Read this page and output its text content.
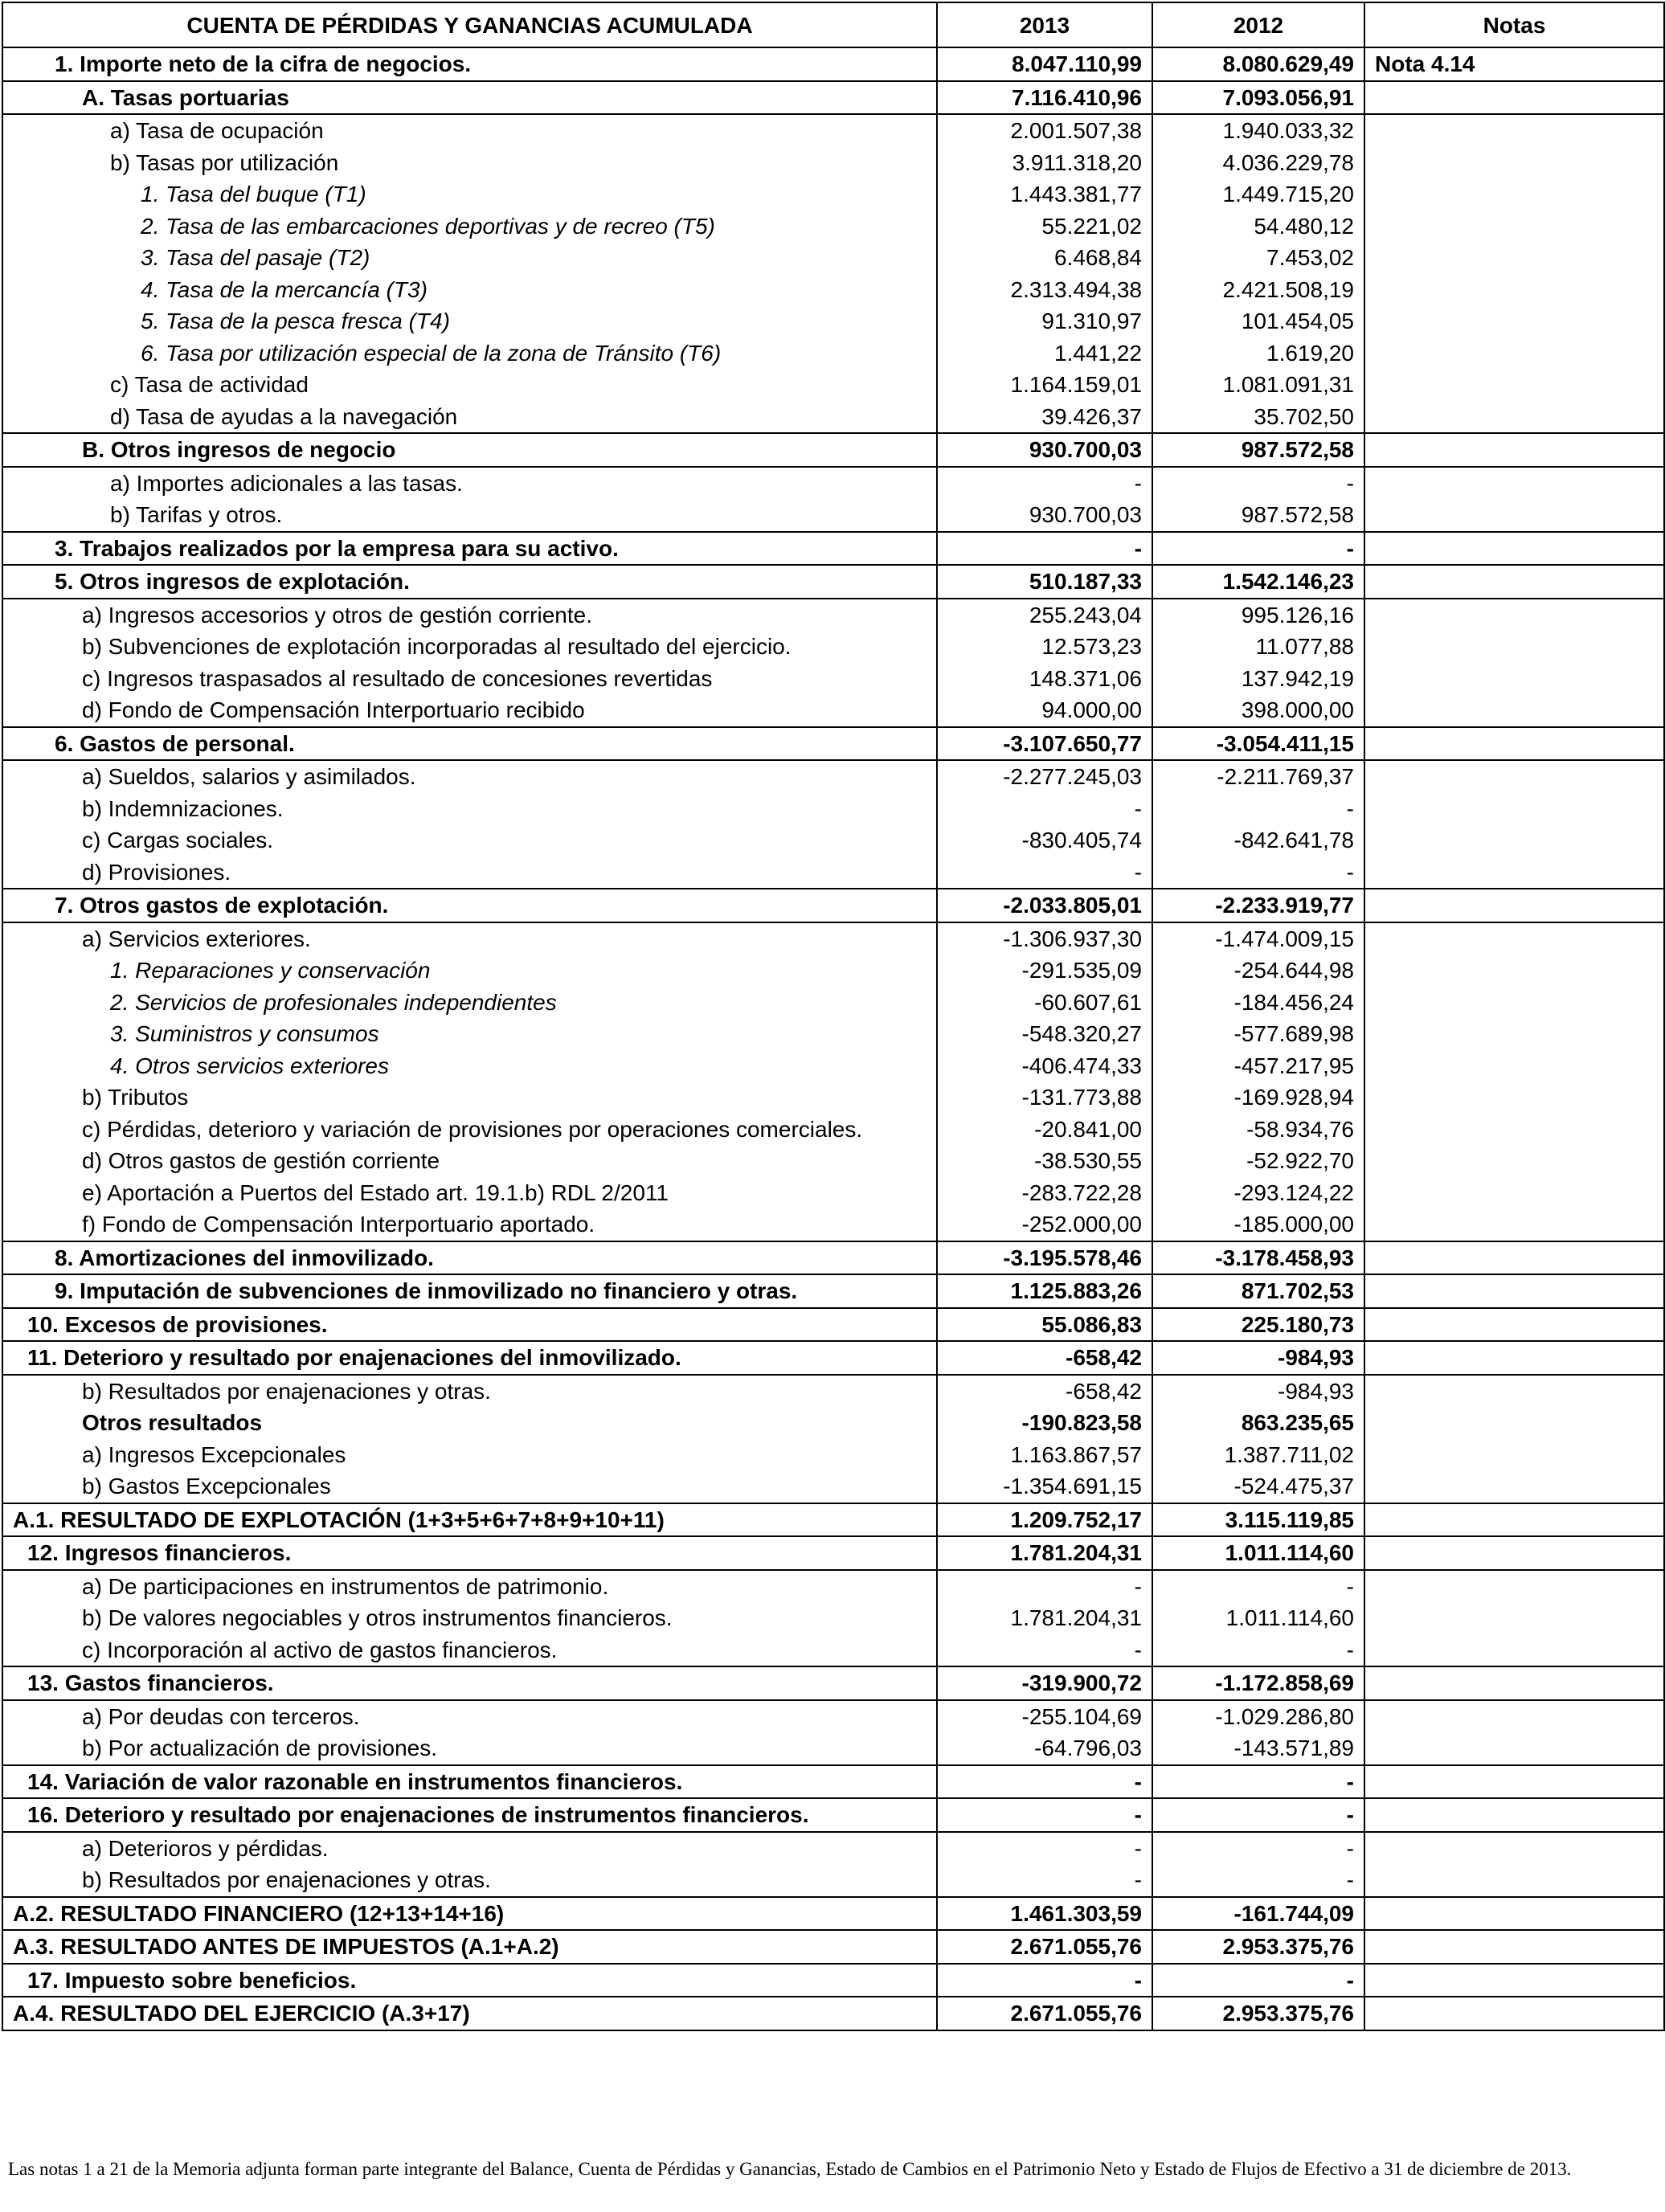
CUENTA DE PÉRDIDAS Y GANANCIAS ACUMULADA	2013	2012	Notas
1. Importe neto de la cifra de negocios.	8.047.110,99	8.080.629,49	Nota 4.14
A. Tasas portuarias	7.116.410,96	7.093.056,91	
a) Tasa de ocupación	2.001.507,38	1.940.033,32	
b) Tasas por utilización	3.911.318,20	4.036.229,78	
1. Tasa del buque (T1)	1.443.381,77	1.449.715,20	
2. Tasa de las embarcaciones deportivas y de recreo (T5)	55.221,02	54.480,12	
3. Tasa del pasaje (T2)	6.468,84	7.453,02	
4. Tasa de la mercancía (T3)	2.313.494,38	2.421.508,19	
5. Tasa de la pesca fresca (T4)	91.310,97	101.454,05	
6. Tasa por utilización especial de la zona de Tránsito (T6)	1.441,22	1.619,20	
c) Tasa de actividad	1.164.159,01	1.081.091,31	
d) Tasa de ayudas a la navegación	39.426,37	35.702,50	
B. Otros ingresos de negocio	930.700,03	987.572,58	
a) Importes adicionales a las tasas.	-	-	
b) Tarifas y otros.	930.700,03	987.572,58	
3. Trabajos realizados por la empresa para su activo.	-	-	
5. Otros ingresos de explotación.	510.187,33	1.542.146,23	
a) Ingresos accesorios y otros de gestión corriente.	255.243,04	995.126,16	
b) Subvenciones de explotación incorporadas al resultado del ejercicio.	12.573,23	11.077,88	
c) Ingresos traspasados al resultado de concesiones revertidas	148.371,06	137.942,19	
d) Fondo de Compensación Interportuario recibido	94.000,00	398.000,00	
6. Gastos de personal.	-3.107.650,77	-3.054.411,15	
a) Sueldos, salarios y asimilados.	-2.277.245,03	-2.211.769,37	
b) Indemnizaciones.	-	-	
c) Cargas sociales.	-830.405,74	-842.641,78	
d) Provisiones.	-	-	
7. Otros gastos de explotación.	-2.033.805,01	-2.233.919,77	
a) Servicios exteriores.	-1.306.937,30	-1.474.009,15	
1. Reparaciones y conservación	-291.535,09	-254.644,98	
2. Servicios de profesionales independientes	-60.607,61	-184.456,24	
3. Suministros y consumos	-548.320,27	-577.689,98	
4. Otros servicios exteriores	-406.474,33	-457.217,95	
b) Tributos	-131.773,88	-169.928,94	
c) Pérdidas, deterioro y variación de provisiones por operaciones comerciales.	-20.841,00	-58.934,76	
d) Otros gastos de gestión corriente	-38.530,55	-52.922,70	
e) Aportación a Puertos del Estado art. 19.1.b) RDL 2/2011	-283.722,28	-293.124,22	
f) Fondo de Compensación Interportuario aportado.	-252.000,00	-185.000,00	
8. Amortizaciones del inmovilizado.	-3.195.578,46	-3.178.458,93	
9. Imputación de subvenciones de inmovilizado no financiero y otras.	1.125.883,26	871.702,53	
10. Excesos de provisiones.	55.086,83	225.180,73	
11. Deterioro y resultado por enajenaciones del inmovilizado.	-658,42	-984,93	
b) Resultados por enajenaciones y otras.	-658,42	-984,93	
Otros resultados	-190.823,58	863.235,65	
a) Ingresos Excepcionales	1.163.867,57	1.387.711,02	
b) Gastos Excepcionales	-1.354.691,15	-524.475,37	
A.1. RESULTADO DE EXPLOTACIÓN (1+3+5+6+7+8+9+10+11)	1.209.752,17	3.115.119,85	
12. Ingresos financieros.	1.781.204,31	1.011.114,60	
a) De participaciones en instrumentos de patrimonio.	-	-	
b) De valores negociables y otros instrumentos financieros.	1.781.204,31	1.011.114,60	
c) Incorporación al activo de gastos financieros.	-	-	
13. Gastos financieros.	-319.900,72	-1.172.858,69	
a) Por deudas con terceros.	-255.104,69	-1.029.286,80	
b) Por actualización de provisiones.	-64.796,03	-143.571,89	
14. Variación de valor razonable en instrumentos financieros.	-	-	
16. Deterioro y resultado por enajenaciones de instrumentos financieros.	-	-	
a) Deterioros y pérdidas.	-	-	
b) Resultados por enajenaciones y otras.	-	-	
A.2. RESULTADO FINANCIERO (12+13+14+16)	1.461.303,59	-161.744,09	
A.3. RESULTADO ANTES DE IMPUESTOS (A.1+A.2)	2.671.055,76	2.953.375,76	
17. Impuesto sobre beneficios.	-	-	
A.4. RESULTADO DEL EJERCICIO (A.3+17)	2.671.055,76	2.953.375,76	

Las notas 1 a 21 de la Memoria adjunta forman parte integrante del Balance, Cuenta de Pérdidas y Ganancias, Estado de Cambios en el Patrimonio Neto y Estado de Flujos de Efectivo a 31 de diciembre de 2013.
